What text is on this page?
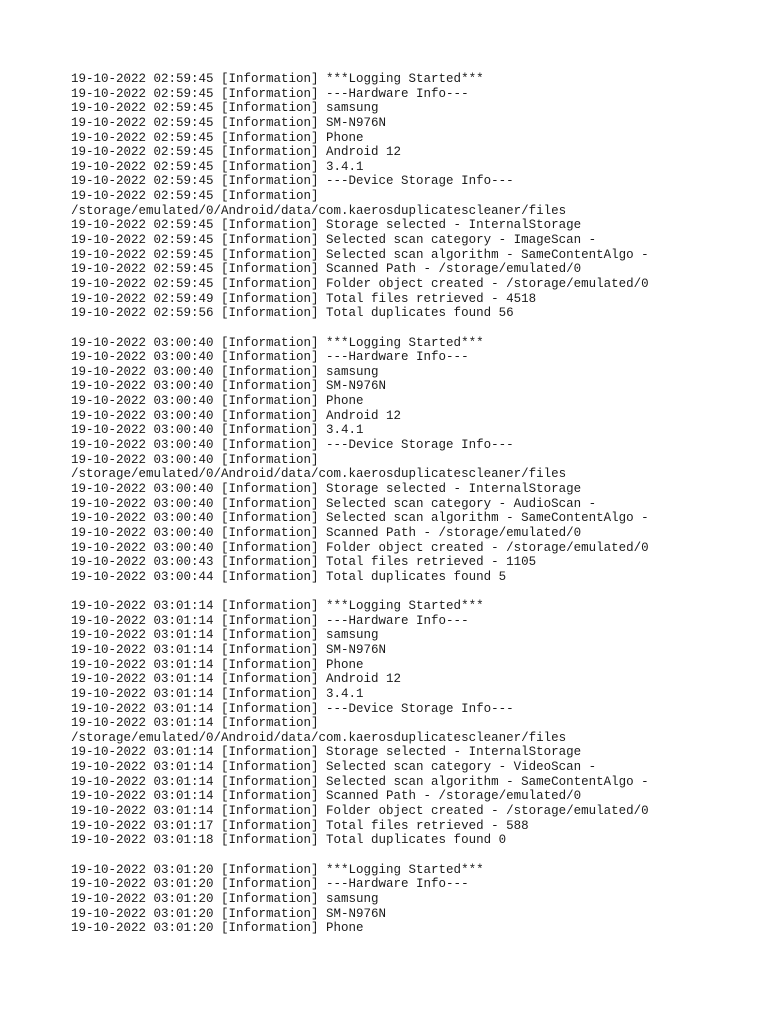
19-10-2022 02:59:45 [Information] ***Logging Started***
19-10-2022 02:59:45 [Information] ---Hardware Info---
19-10-2022 02:59:45 [Information] samsung
19-10-2022 02:59:45 [Information] SM-N976N
19-10-2022 02:59:45 [Information] Phone
19-10-2022 02:59:45 [Information] Android 12
19-10-2022 02:59:45 [Information] 3.4.1
19-10-2022 02:59:45 [Information] ---Device Storage Info---
19-10-2022 02:59:45 [Information]
/storage/emulated/0/Android/data/com.kaerosduplicatescleaner/files
19-10-2022 02:59:45 [Information] Storage selected - InternalStorage
19-10-2022 02:59:45 [Information] Selected scan category - ImageScan -
19-10-2022 02:59:45 [Information] Selected scan algorithm - SameContentAlgo -
19-10-2022 02:59:45 [Information] Scanned Path - /storage/emulated/0
19-10-2022 02:59:45 [Information] Folder object created - /storage/emulated/0
19-10-2022 02:59:49 [Information] Total files retrieved - 4518
19-10-2022 02:59:56 [Information] Total duplicates found 56
19-10-2022 03:00:40 [Information] ***Logging Started***
19-10-2022 03:00:40 [Information] ---Hardware Info---
19-10-2022 03:00:40 [Information] samsung
19-10-2022 03:00:40 [Information] SM-N976N
19-10-2022 03:00:40 [Information] Phone
19-10-2022 03:00:40 [Information] Android 12
19-10-2022 03:00:40 [Information] 3.4.1
19-10-2022 03:00:40 [Information] ---Device Storage Info---
19-10-2022 03:00:40 [Information]
/storage/emulated/0/Android/data/com.kaerosduplicatescleaner/files
19-10-2022 03:00:40 [Information] Storage selected - InternalStorage
19-10-2022 03:00:40 [Information] Selected scan category - AudioScan -
19-10-2022 03:00:40 [Information] Selected scan algorithm - SameContentAlgo -
19-10-2022 03:00:40 [Information] Scanned Path - /storage/emulated/0
19-10-2022 03:00:40 [Information] Folder object created - /storage/emulated/0
19-10-2022 03:00:43 [Information] Total files retrieved - 1105
19-10-2022 03:00:44 [Information] Total duplicates found 5
19-10-2022 03:01:14 [Information] ***Logging Started***
19-10-2022 03:01:14 [Information] ---Hardware Info---
19-10-2022 03:01:14 [Information] samsung
19-10-2022 03:01:14 [Information] SM-N976N
19-10-2022 03:01:14 [Information] Phone
19-10-2022 03:01:14 [Information] Android 12
19-10-2022 03:01:14 [Information] 3.4.1
19-10-2022 03:01:14 [Information] ---Device Storage Info---
19-10-2022 03:01:14 [Information]
/storage/emulated/0/Android/data/com.kaerosduplicatescleaner/files
19-10-2022 03:01:14 [Information] Storage selected - InternalStorage
19-10-2022 03:01:14 [Information] Selected scan category - VideoScan -
19-10-2022 03:01:14 [Information] Selected scan algorithm - SameContentAlgo -
19-10-2022 03:01:14 [Information] Scanned Path - /storage/emulated/0
19-10-2022 03:01:14 [Information] Folder object created - /storage/emulated/0
19-10-2022 03:01:17 [Information] Total files retrieved - 588
19-10-2022 03:01:18 [Information] Total duplicates found 0
19-10-2022 03:01:20 [Information] ***Logging Started***
19-10-2022 03:01:20 [Information] ---Hardware Info---
19-10-2022 03:01:20 [Information] samsung
19-10-2022 03:01:20 [Information] SM-N976N
19-10-2022 03:01:20 [Information] Phone
